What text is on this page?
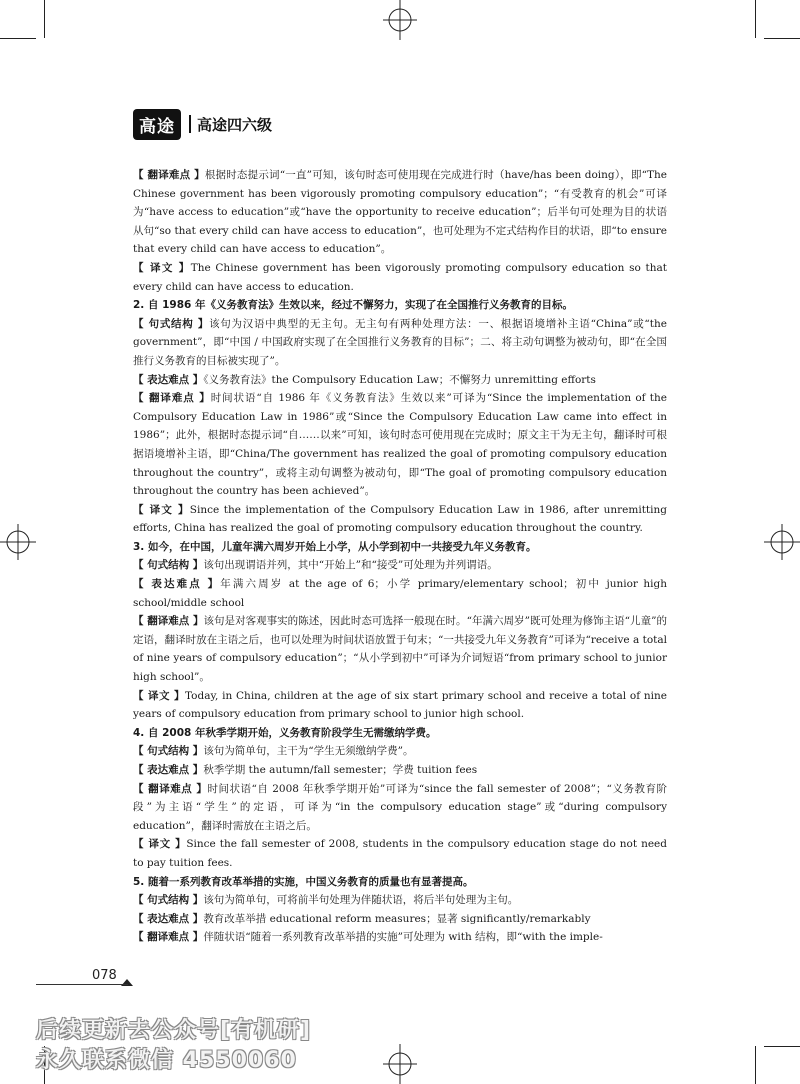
高途	高途四六级

【 翻译难点 】根据时态提示词“一直”可知，该句时态可使用现在完成进行时（have/has been doing），即“The Chinese government has been vigorously promoting compulsory education”；“有受教育的机会”可译为“have access to education”或“have the opportunity to receive education”；后半句可处理为目的状语从句“so that every child can have access to education”，也可处理为不定式结构作目的状语，即“to ensure that every child can have access to education”。

【 译文 】The Chinese government has been vigorously promoting compulsory education so that every child can have access to education.

2. 自 1986 年《义务教育法》生效以来，经过不懈努力，实现了在全国推行义务教育的目标。

【 句式结构 】该句为汉语中典型的无主句。无主句有两种处理方法：一、根据语境增补主语“China”或“the government”，即“中国 / 中国政府实现了在全国推行义务教育的目标”；二、将主动句调整为被动句，即“在全国推行义务教育的目标被实现了”。

【 表达难点 】《义务教育法》the Compulsory Education Law；不懈努力 unremitting efforts

【 翻译难点 】时间状语“自 1986 年《义务教育法》生效以来”可译为“Since the implementation of the Compulsory Education Law in 1986”或“Since the Compulsory Education Law came into effect in 1986”；此外，根据时态提示词“自……以来”可知，该句时态可使用现在完成时；原文主干为无主句，翻译时可根据语境增补主语，即“China/The government has realized the goal of promoting compulsory education throughout the country”，或将主动句调整为被动句，即“The goal of promoting compulsory education throughout the country has been achieved”。

【 译文 】Since the implementation of the Compulsory Education Law in 1986, after unremitting efforts, China has realized the goal of promoting compulsory education throughout the country.

3. 如今，在中国，儿童年满六周岁开始上小学，从小学到初中一共接受九年义务教育。

【 句式结构 】该句出现谓语并列，其中“开始上”和“接受”可处理为并列谓语。

【 表达难点 】年满六周岁 at the age of 6；小学 primary/elementary school；初中 junior high school/middle school

【 翻译难点 】该句是对客观事实的陈述，因此时态可选择一般现在时。“年满六周岁”既可处理为修饰主语“儿童”的定语，翻译时放在主语之后，也可以处理为时间状语放置于句末；“一共接受九年义务教育”可译为“receive a total of nine years of compulsory education”；“从小学到初中”可译为介词短语“from primary school to junior high school”。

【 译文 】Today, in China, children at the age of six start primary school and receive a total of nine years of compulsory education from primary school to junior high school.

4. 自 2008 年秋季学期开始，义务教育阶段学生无需缴纳学费。

【 句式结构 】该句为简单句，主干为“学生无须缴纳学费”。

【 表达难点 】秋季学期 the autumn/fall semester；学费 tuition fees

【 翻译难点 】时间状语“自 2008 年秋季学期开始”可译为“since the fall semester of 2008”；“义务教育阶段”为主语“学生”的定语，可译为“in the compulsory education stage”或“during compulsory education”，翻译时需放在主语之后。

【 译文 】Since the fall semester of 2008, students in the compulsory education stage do not need to pay tuition fees.

5. 随着一系列教育改革举措的实施，中国义务教育的质量也有显著提高。

【 句式结构 】该句为简单句，可将前半句处理为伴随状语，将后半句处理为主句。

【 表达难点 】教育改革举措 educational reform measures；显著 significantly/remarkably

【 翻译难点 】伴随状语“随着一系列教育改革举措的实施”可处理为 with 结构，即“with the imple-

078
后续更新去公众号[有机研]
永久联系微信 4550060
